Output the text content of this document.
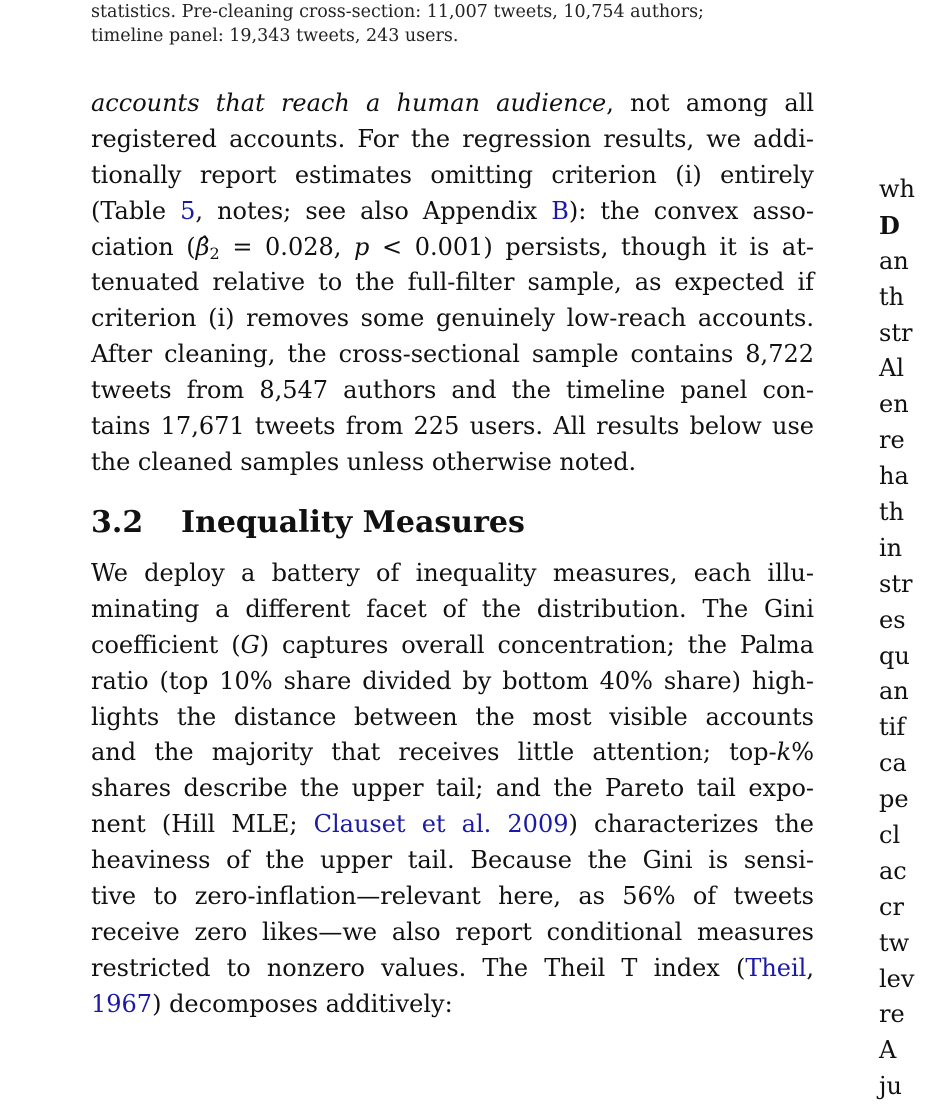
statistics. Pre-cleaning cross-section: 11,007 tweets, 10,754 authors;
timeline panel: 19,343 tweets, 243 users.
accounts that reach a human audience, not among all
registered accounts. For the regression results, we addi-
tionally report estimates omitting criterion (i) entirely
(Table 5, notes; see also Appendix B): the convex asso-
ciation ($\betâ_2 = 0.028$, p < 0.001) persists, though it is at-
tenuated relative to the full-filter sample, as expected if
criterion (i) removes some genuinely low-reach accounts.
After cleaning, the cross-sectional sample contains 8,722
tweets from 8,547 authors and the timeline panel con-
tains 17,671 tweets from 225 users. All results below use
the cleaned samples unless otherwise noted.
3.2 Inequality Measures
We deploy a battery of inequality measures, each illu-
minating a different facet of the distribution. The Gini
coefficient (G) captures overall concentration; the Palma
ratio (top 10% share divided by bottom 40% share) high-
lights the distance between the most visible accounts
and the majority that receives little attention; top-k%
shares describe the upper tail; and the Pareto tail expo-
nent (Hill MLE; Clauset et al. 2009) characterizes the
heaviness of the upper tail. Because the Gini is sensi-
tive to zero-inflation—relevant here, as 56% of tweets
receive zero likes—we also report conditional measures
restricted to nonzero values. The Theil T index (Theil,
1967) decomposes additively:
wh
D
an
th
str
Al
en
re
ha
th
in
str
es
qu
an
tif
ca
pe
cl
ac
cr
tw
lev
re
A
ju
